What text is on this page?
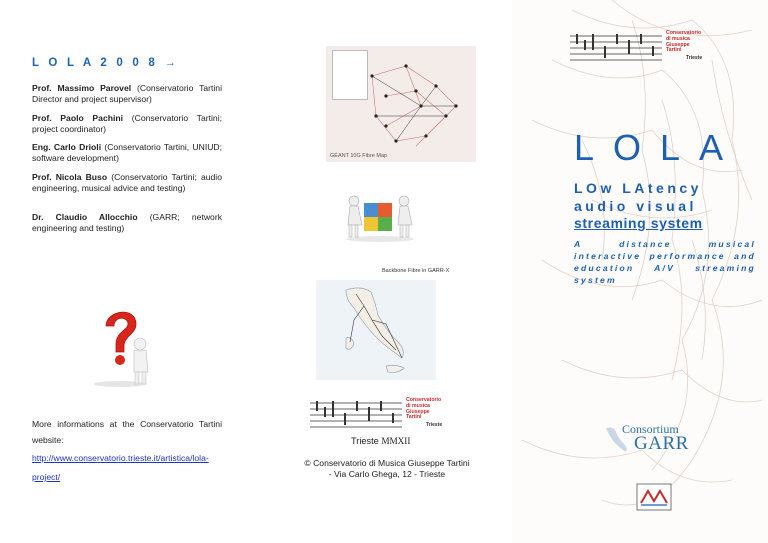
L O L A 2 0 0 8 →
Prof. Massimo Parovel (Conservatorio Tartini Director and project supervisor)
Prof. Paolo Pachini (Conservatorio Tartini; project coordinator)
Eng. Carlo Drioli (Conservatorio Tartini, UNIUD; software development)
Prof. Nicola Buso (Conservatorio Tartini; audio engineering, musical advice and testing)
Dr. Claudio Allocchio (GARR; network engineering and testing)
More informations at the Conservatorio Tartini website:
http://www.conservatorio.trieste.it/artistica/lola-project/
GÉANT 10G Fibre Map
Backbone Fibre in GARR-X
Conservatorio
di musica
Giuseppe
Tartini
Trieste
Trieste MMXII
© Conservatorio di Musica Giuseppe Tartini - Via Carlo Ghega, 12 - Trieste
Conservatorio
di musica
Giuseppe
Tartini
Trieste
LOLA
LOw LAtency
audio visual
streaming system
A distance musical interactive performance and education A/V streaming system
Consortium
GARR
